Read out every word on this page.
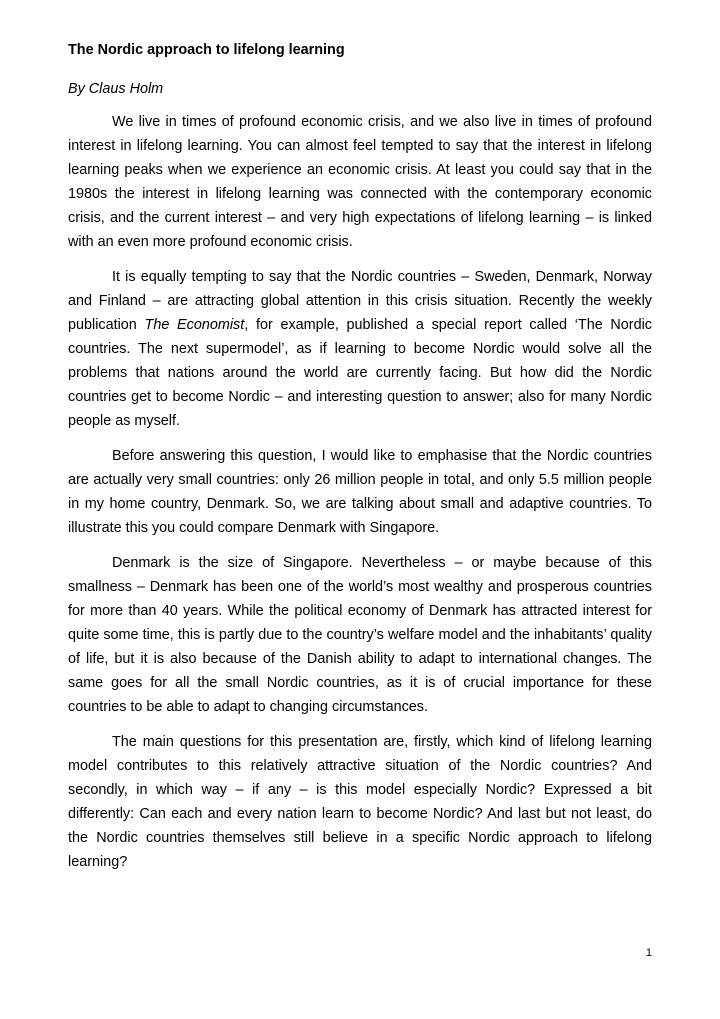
The Nordic approach to lifelong learning
By Claus Holm

We live in times of profound economic crisis, and we also live in times of profound interest in lifelong learning. You can almost feel tempted to say that the interest in lifelong learning peaks when we experience an economic crisis. At least you could say that in the 1980s the interest in lifelong learning was connected with the contemporary economic crisis, and the current interest – and very high expectations of lifelong learning – is linked with an even more profound economic crisis.

It is equally tempting to say that the Nordic countries – Sweden, Denmark, Norway and Finland – are attracting global attention in this crisis situation. Recently the weekly publication The Economist, for example, published a special report called ‘The Nordic countries. The next supermodel’, as if learning to become Nordic would solve all the problems that nations around the world are currently facing. But how did the Nordic countries get to become Nordic – and interesting question to answer; also for many Nordic people as myself.

Before answering this question, I would like to emphasise that the Nordic countries are actually very small countries: only 26 million people in total, and only 5.5 million people in my home country, Denmark. So, we are talking about small and adaptive countries. To illustrate this you could compare Denmark with Singapore.

Denmark is the size of Singapore. Nevertheless – or maybe because of this smallness – Denmark has been one of the world’s most wealthy and prosperous countries for more than 40 years. While the political economy of Denmark has attracted interest for quite some time, this is partly due to the country’s welfare model and the inhabitants’ quality of life, but it is also because of the Danish ability to adapt to international changes. The same goes for all the small Nordic countries, as it is of crucial importance for these countries to be able to adapt to changing circumstances.

The main questions for this presentation are, firstly, which kind of lifelong learning model contributes to this relatively attractive situation of the Nordic countries? And secondly, in which way – if any – is this model especially Nordic? Expressed a bit differently: Can each and every nation learn to become Nordic? And last but not least, do the Nordic countries themselves still believe in a specific Nordic approach to lifelong learning?

1
